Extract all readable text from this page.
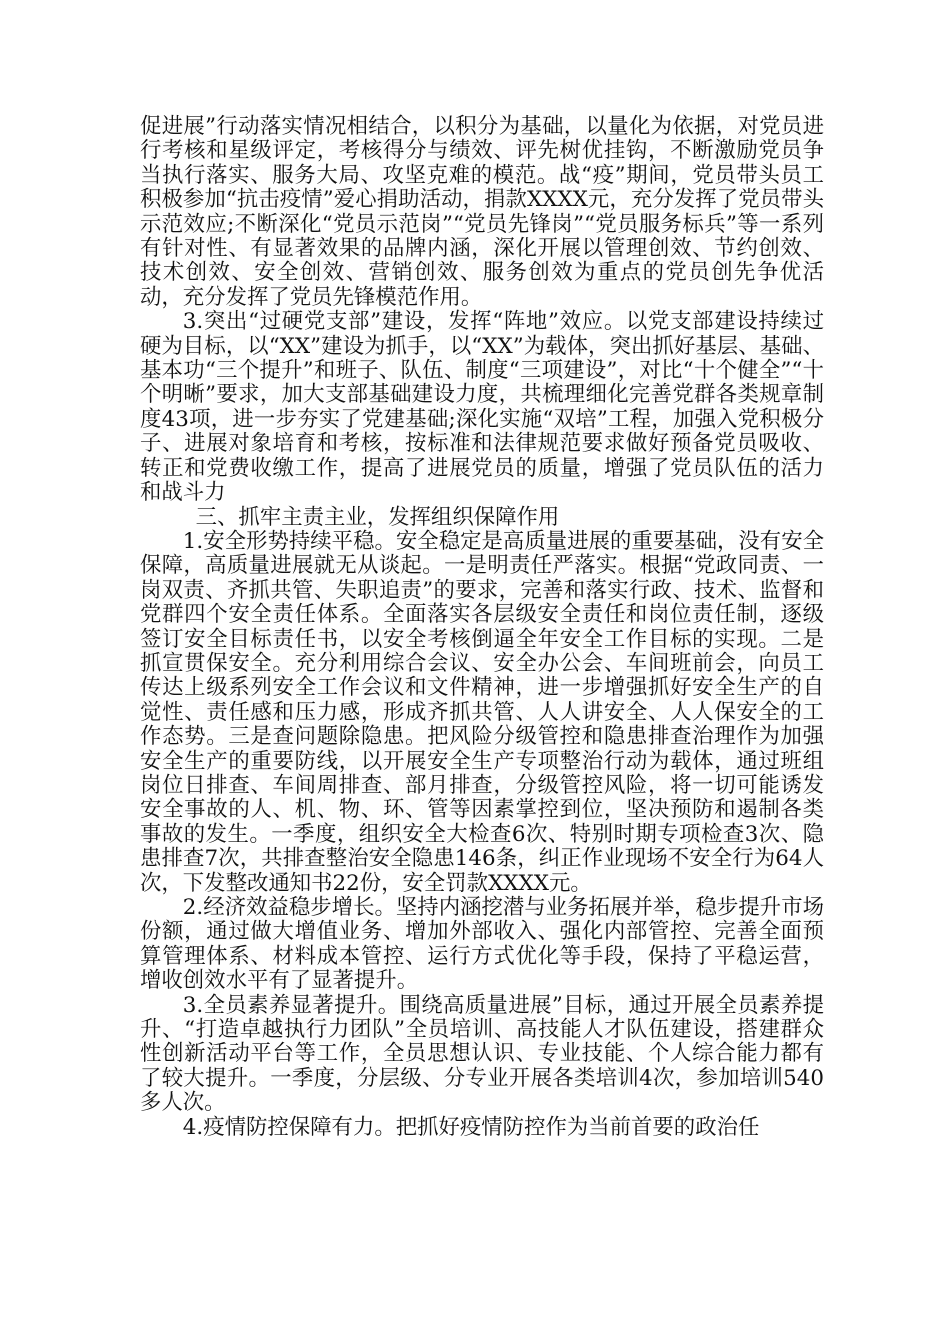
促进展”行动落实情况相结合，以积分为基础，以量化为依据，对党员进行考核和星级评定，考核得分与绩效、评先树优挂钩，不断激励党员争当执行落实、服务大局、攻坚克难的模范。战“疫”期间，党员带头员工积极参加“抗击疫情”爱心捐助活动，捐款XXXX元，充分发挥了党员带头示范效应;不断深化“党员示范岗”“党员先锋岗”“党员服务标兵”等一系列有针对性、有显著效果的品牌内涵，深化开展以管理创效、节约创效、技术创效、安全创效、营销创效、服务创效为重点的党员创先争优活动，充分发挥了党员先锋模范作用。

3.突出“过硬党支部”建设，发挥“阵地”效应。以党支部建设持续过硬为目标，以“XX”建设为抓手，以“XX”为载体，突出抓好基层、基础、基本功“三个提升”和班子、队伍、制度“三项建设”，对比“十个健全”“十个明晰”要求，加大支部基础建设力度，共梳理细化完善党群各类规章制度43项，进一步夯实了党建基础;深化实施“双培”工程，加强入党积极分子、进展对象培育和考核，按标准和法律规范要求做好预备党员吸收、转正和党费收缴工作，提高了进展党员的质量，增强了党员队伍的活力和战斗力

三、抓牢主责主业，发挥组织保障作用

1.安全形势持续平稳。安全稳定是高质量进展的重要基础，没有安全保障，高质量进展就无从谈起。一是明责任严落实。根据“党政同责、一岗双责、齐抓共管、失职追责”的要求，完善和落实行政、技术、监督和党群四个安全责任体系。全面落实各层级安全责任和岗位责任制，逐级签订安全目标责任书，以安全考核倒逼全年安全工作目标的实现。二是抓宣贯保安全。充分利用综合会议、安全办公会、车间班前会，向员工传达上级系列安全工作会议和文件精神，进一步增强抓好安全生产的自觉性、责任感和压力感，形成齐抓共管、人人讲安全、人人保安全的工作态势。三是查问题除隐患。把风险分级管控和隐患排查治理作为加强安全生产的重要防线，以开展安全生产专项整治行动为载体，通过班组岗位日排查、车间周排查、部月排查，分级管控风险，将一切可能诱发安全事故的人、机、物、环、管等因素掌控到位，坚决预防和遏制各类事故的发生。一季度，组织安全大检查6次、特别时期专项检查3次、隐患排查7次，共排查整治安全隐患146条，纠正作业现场不安全行为64人次，下发整改通知书22份，安全罚款XXXX元。

2.经济效益稳步增长。坚持内涵挖潜与业务拓展并举，稳步提升市场份额，通过做大增值业务、增加外部收入、强化内部管控、完善全面预算管理体系、材料成本管控、运行方式优化等手段，保持了平稳运营，增收创效水平有了显著提升。

3.全员素养显著提升。围绕高质量进展”目标，通过开展全员素养提升、“打造卓越执行力团队”全员培训、高技能人才队伍建设，搭建群众性创新活动平台等工作，全员思想认识、专业技能、个人综合能力都有了较大提升。一季度，分层级、分专业开展各类培训4次，参加培训540多人次。

4.疫情防控保障有力。把抓好疫情防控作为当前首要的政治任
